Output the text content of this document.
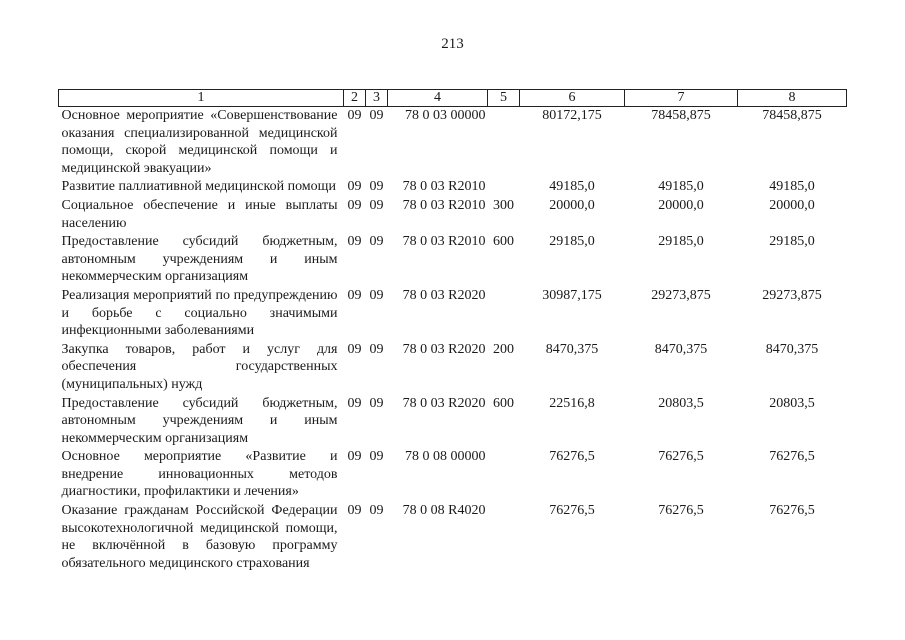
213
1	2	3	4	5	6	7	8
Основное мероприятие «Совершенствование оказания специализированной медицинской помощи, скорой медицинской помощи и медицинской эвакуации»	09	09	78 0 03 00000		80172,175	78458,875	78458,875
Развитие паллиативной медицинской помощи	09	09	78 0 03 R2010		49185,0	49185,0	49185,0
Социальное обеспечение и иные выплаты населению	09	09	78 0 03 R2010	300	20000,0	20000,0	20000,0
Предоставление субсидий бюджетным, автономным учреждениям и иным некоммерческим организациям	09	09	78 0 03 R2010	600	29185,0	29185,0	29185,0
Реализация мероприятий по предупреждению и борьбе с социально значимыми инфекционными заболеваниями	09	09	78 0 03 R2020		30987,175	29273,875	29273,875
Закупка товаров, работ и услуг для обеспечения государственных (муниципальных) нужд	09	09	78 0 03 R2020	200	8470,375	8470,375	8470,375
Предоставление субсидий бюджетным, автономным учреждениям и иным некоммерческим организациям	09	09	78 0 03 R2020	600	22516,8	20803,5	20803,5
Основное мероприятие «Развитие и внедрение инновационных методов диагностики, профилактики и лечения»	09	09	78 0 08 00000		76276,5	76276,5	76276,5
Оказание гражданам Российской Федерации высокотехнологичной медицинской помощи, не включённой в базовую программу обязательного медицинского страхования	09	09	78 0 08 R4020		76276,5	76276,5	76276,5
